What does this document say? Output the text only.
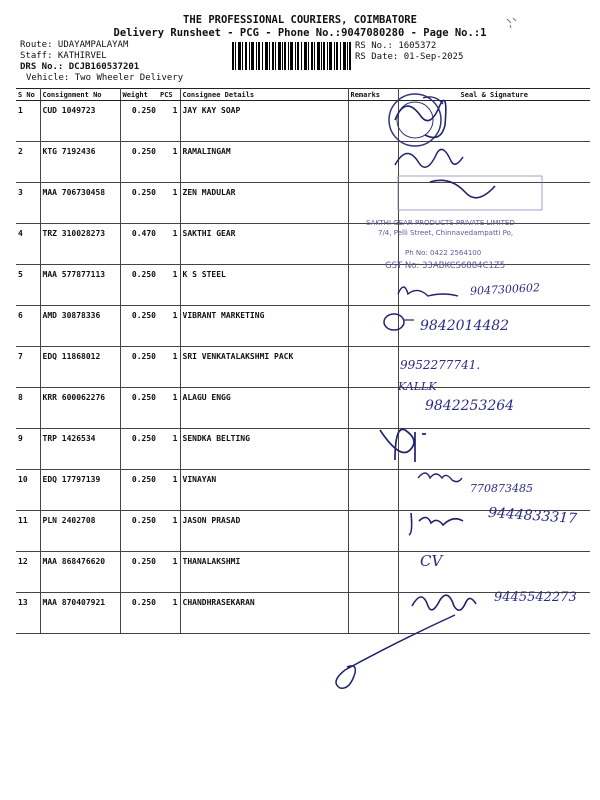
THE PROFESSIONAL COURIERS, COIMBATORE
Delivery Runsheet - PCG - Phone No.:9047080280 - Page No.:1
Route: UDAYAMPALAYAM
Staff: KATHIRVEL
DRS No.: DCJB160537201
Vehicle: Two Wheeler Delivery
RS No.: 1605372
RS Date: 01-Sep-2025
S No	Consignment No	Weight	PCS	Consignee Details	Remarks	Seal & Signature
1	CUD 1049723	0.250	1	JAY KAY SOAP		
2	KTG 7192436	0.250	1	RAMALINGAM		
3	MAA 706730458	0.250	1	ZEN MADULAR		
4	TRZ 310028273	0.470	1	SAKTHI GEAR		
5	MAA 577877113	0.250	1	K S STEEL		
6	AMD 30878336	0.250	1	VIBRANT MARKETING		
7	EDQ 11868012	0.250	1	SRI VENKATALAKSHMI PACK		
8	KRR 600062276	0.250	1	ALAGU ENGG		
9	TRP 1426534	0.250	1	SENDKA BELTING		
10	EDQ 17797139	0.250	1	VINAYAN		
11	PLN 2402708	0.250	1	JASON PRASAD		
12	MAA 868476620	0.250	1	THANALAKSHMI		
13	MAA 870407921	0.250	1	CHANDHRASEKARAN		
SAKTHI GEAR PRODUCTS PRIVATE LIMITED
7/4, Pelli Street, Chinnavedampatti Po,
Ph No: 0422 2564100
GST No: 33ABKCS6884C1Z5
9047300602
9842014482
9952277741.
KALLK
9842253264
770873485
9444833317
CV
9445542273
